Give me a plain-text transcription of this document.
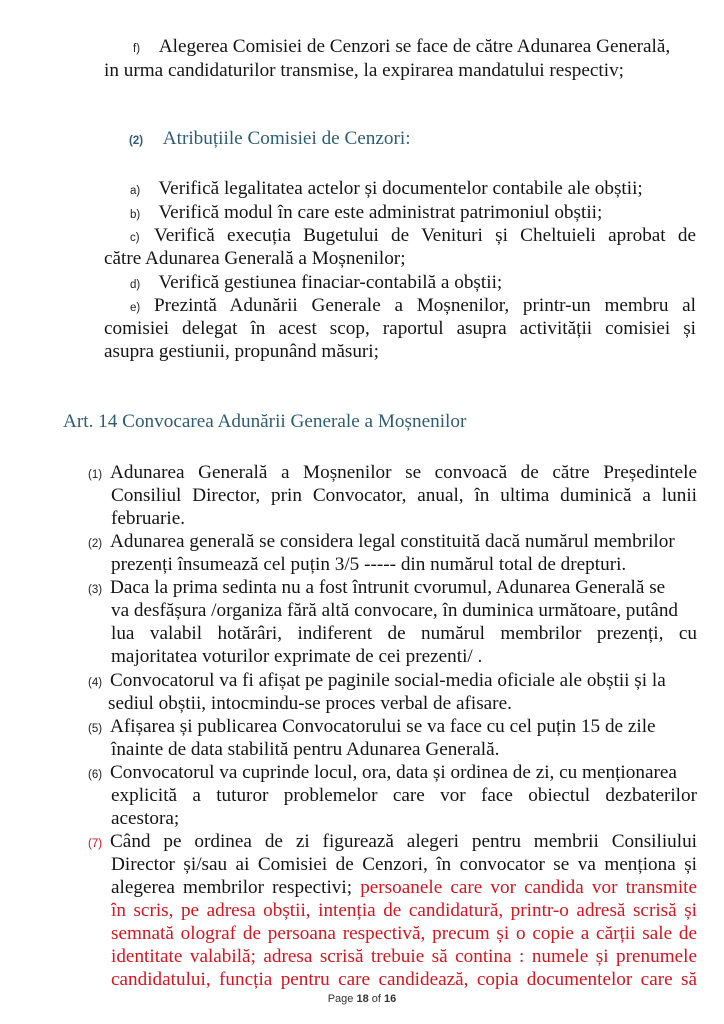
f) Alegerea Comisiei de Cenzori se face de către Adunarea Generală,
in urma candidaturilor transmise, la expirarea mandatului respectiv;
(2) Atribuțiile Comisiei de Cenzori:
a) Verifică legalitatea actelor și documentelor contabile ale obștii;
b) Verifică modul în care este administrat patrimoniul obștii;
c) Verifică execuția Bugetului de Venituri și Cheltuieli aprobat de
către Adunarea Generală a Moșnenilor;
d) Verifică gestiunea finaciar-contabilă a obștii;
e) Prezintă Adunării Generale a Moșnenilor, printr-un membru al
comisiei delegat în acest scop, raportul asupra activității comisiei și
asupra gestiunii, propunând măsuri;
Art. 14 Convocarea Adunării Generale a Moșnenilor
(1) Adunarea Generală a Moșnenilor se convoacă de către Președintele
Consiliul Director, prin Convocator, anual, în ultima duminică a lunii
februarie.
(2) Adunarea generală se considera legal constituită dacă numărul membrilor
prezenți însumează cel puțin 3/5 ----- din numărul total de drepturi.
(3) Daca la prima sedinta nu a fost întrunit cvorumul, Adunarea Generală se
va desfășura /organiza fără altă convocare, în duminica următoare, putând
lua valabil hotărâri, indiferent de numărul membrilor prezenți, cu
majoritatea voturilor exprimate de cei prezenti/ .
(4) Convocatorul va fi afișat pe paginile social-media oficiale ale obștii și la
sediul obștii, intocmindu-se proces verbal de afisare.
(5) Afișarea și publicarea Convocatorului se va face cu cel puțin 15 de zile
înainte de data stabilită pentru Adunarea Generală.
(6) Convocatorul va cuprinde locul, ora, data și ordinea de zi, cu menționarea
explicită a tuturor problemelor care vor face obiectul dezbaterilor
acestora;
(7) Când pe ordinea de zi figurează alegeri pentru membrii Consiliului
Director și/sau ai Comisiei de Cenzori, în convocator se va menționa și
alegerea membrilor respectivi; persoanele care vor candida vor transmite
în scris, pe adresa obștii, intenția de candidatură, printr-o adresă scrisă și
semnată olograf de persoana respectivă, precum și o copie a cărții sale de
identitate valabilă; adresa scrisă trebuie să contina : numele și prenumele
candidatului, funcția pentru care candidează, copia documentelor care să
Page 18 of 16
